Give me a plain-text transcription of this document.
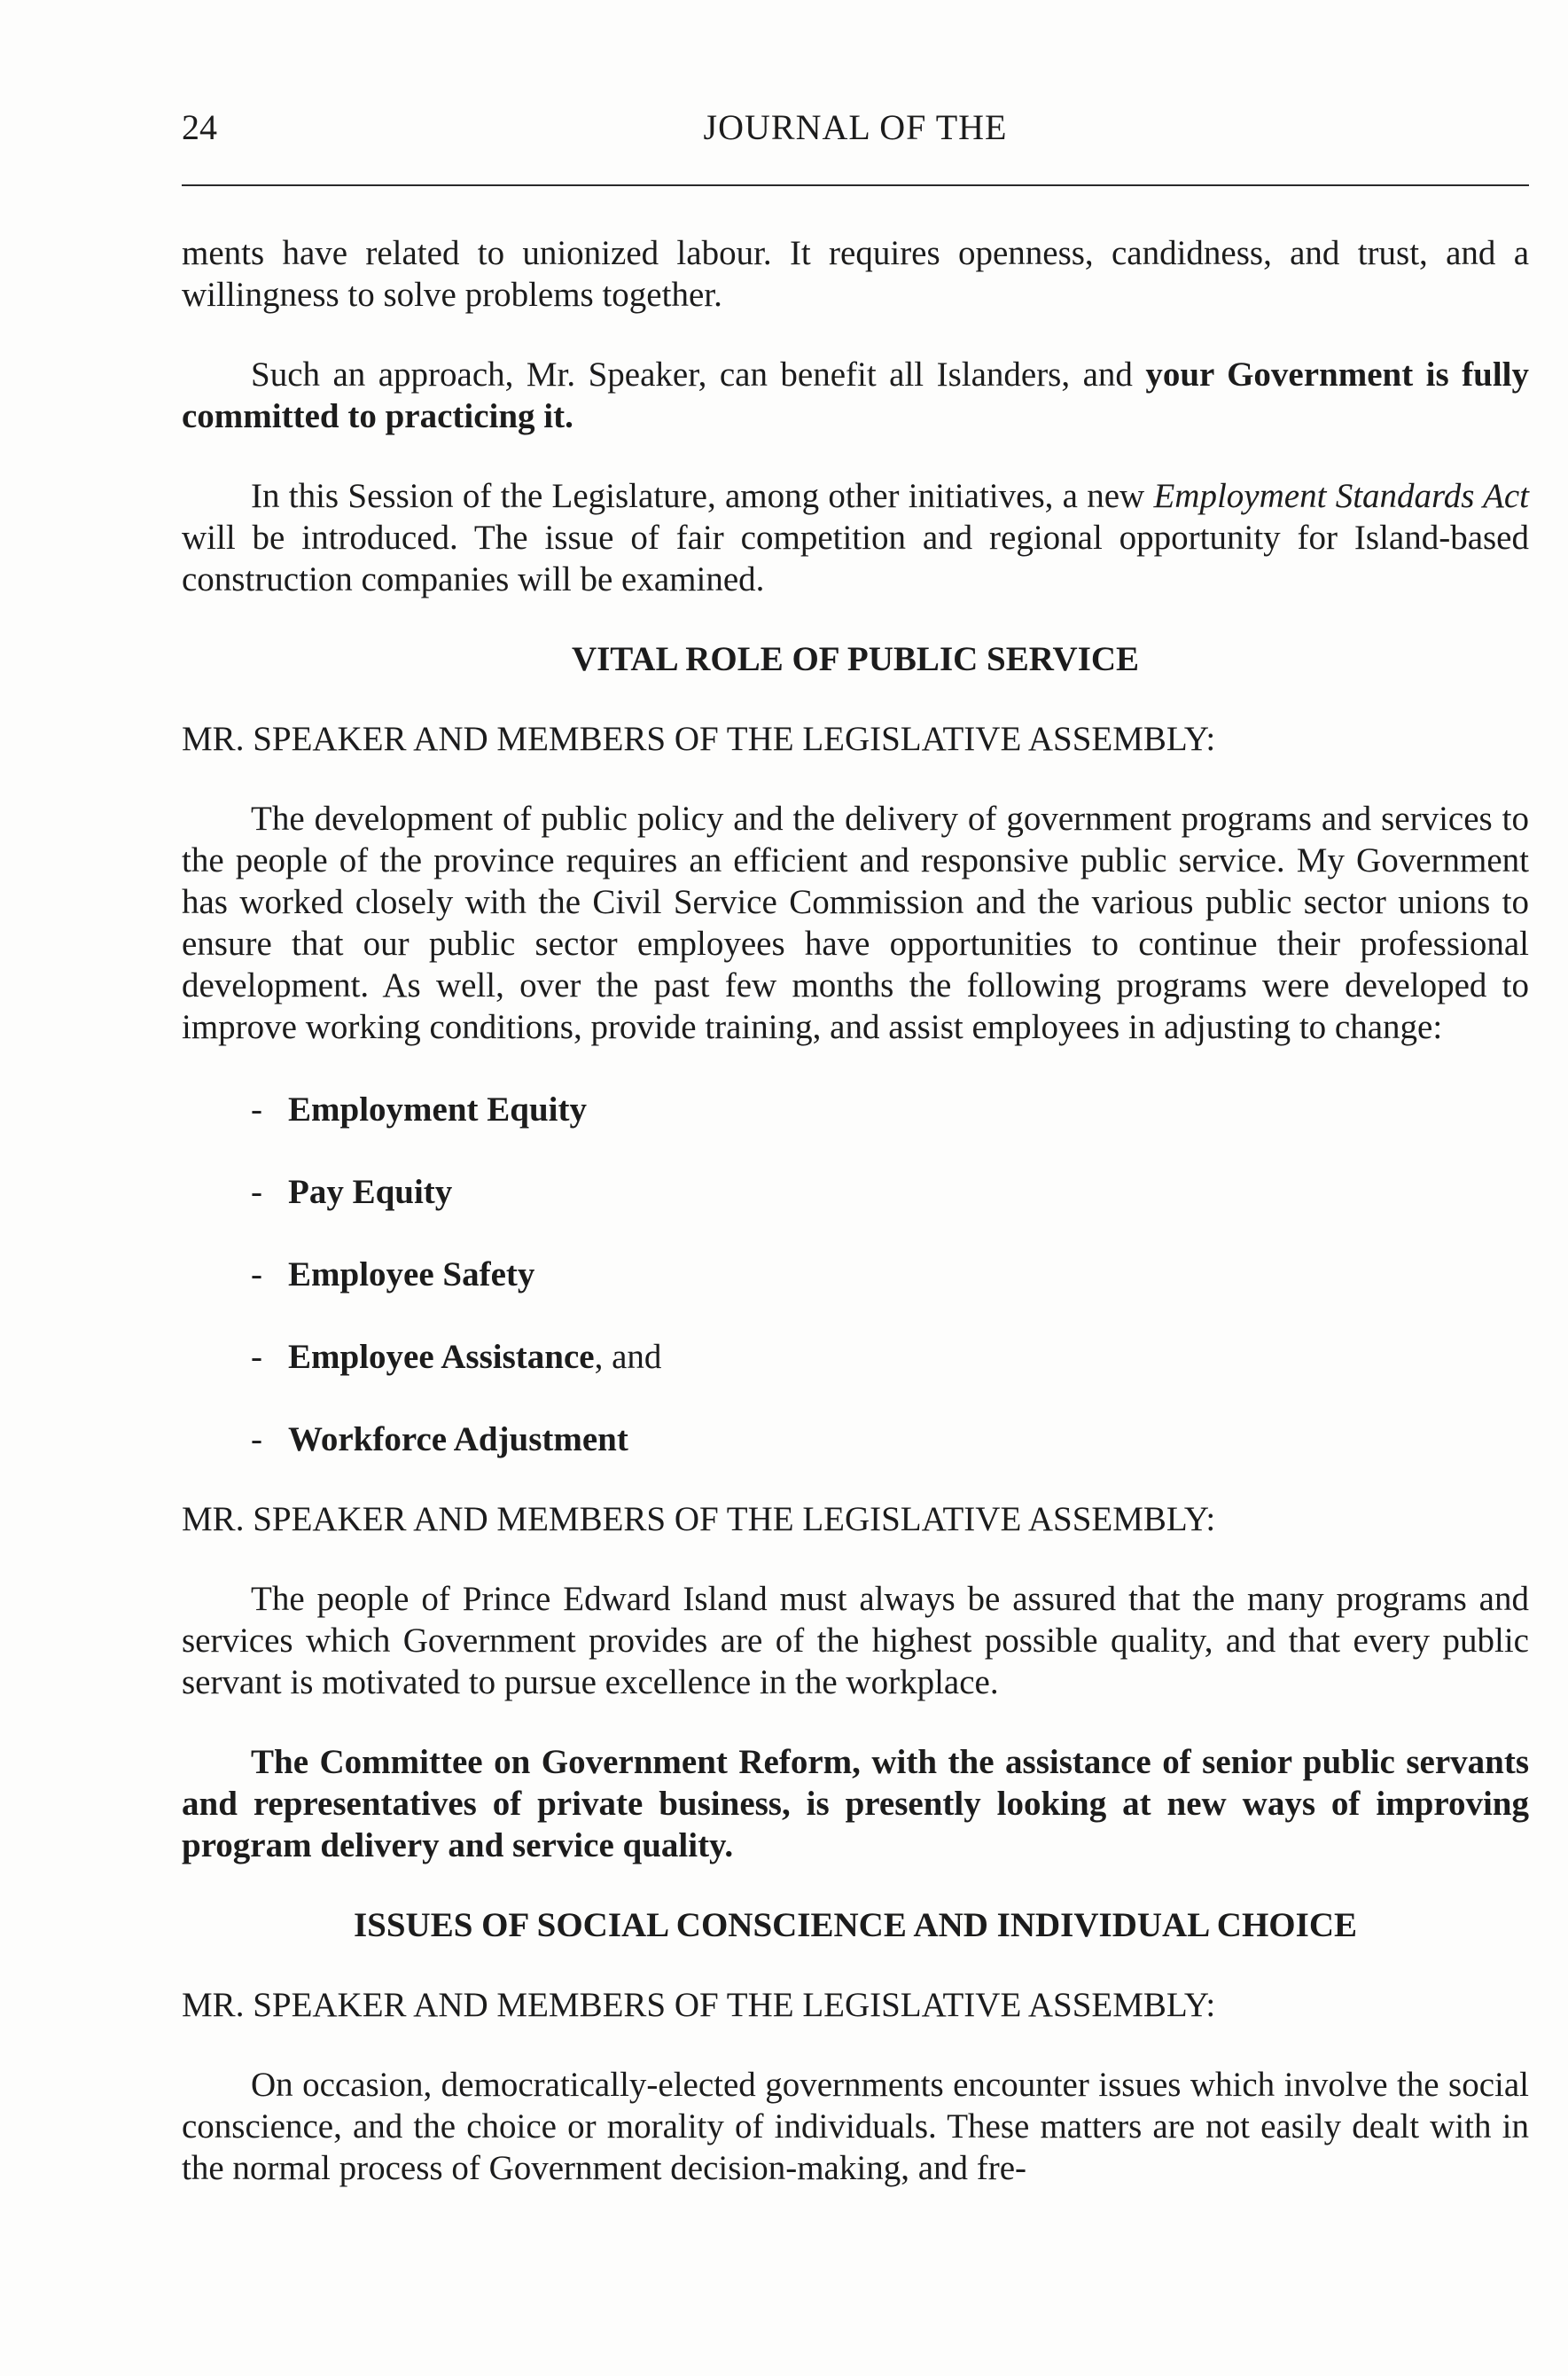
24	JOURNAL OF THE

ments have related to unionized labour. It requires openness, candidness, and trust, and a willingness to solve problems together.

Such an approach, Mr. Speaker, can benefit all Islanders, and your Government is fully committed to practicing it.

In this Session of the Legislature, among other initiatives, a new Employment Standards Act will be introduced. The issue of fair competition and regional opportunity for Island-based construction companies will be examined.

VITAL ROLE OF PUBLIC SERVICE
MR. SPEAKER AND MEMBERS OF THE LEGISLATIVE ASSEMBLY:

The development of public policy and the delivery of government programs and services to the people of the province requires an efficient and responsive public service. My Government has worked closely with the Civil Service Commission and the various public sector unions to ensure that our public sector employees have opportunities to continue their professional development. As well, over the past few months the following programs were developed to improve working conditions, provide training, and assist employees in adjusting to change:

- Employment Equity
- Pay Equity
- Employee Safety
- Employee Assistance, and
- Workforce Adjustment
MR. SPEAKER AND MEMBERS OF THE LEGISLATIVE ASSEMBLY:

The people of Prince Edward Island must always be assured that the many programs and services which Government provides are of the highest possible quality, and that every public servant is motivated to pursue excellence in the workplace.

The Committee on Government Reform, with the assistance of senior public servants and representatives of private business, is presently looking at new ways of improving program delivery and service quality.

ISSUES OF SOCIAL CONSCIENCE AND INDIVIDUAL CHOICE
MR. SPEAKER AND MEMBERS OF THE LEGISLATIVE ASSEMBLY:

On occasion, democratically-elected governments encounter issues which involve the social conscience, and the choice or morality of individuals. These matters are not easily dealt with in the normal process of Government decision-making, and fre-
